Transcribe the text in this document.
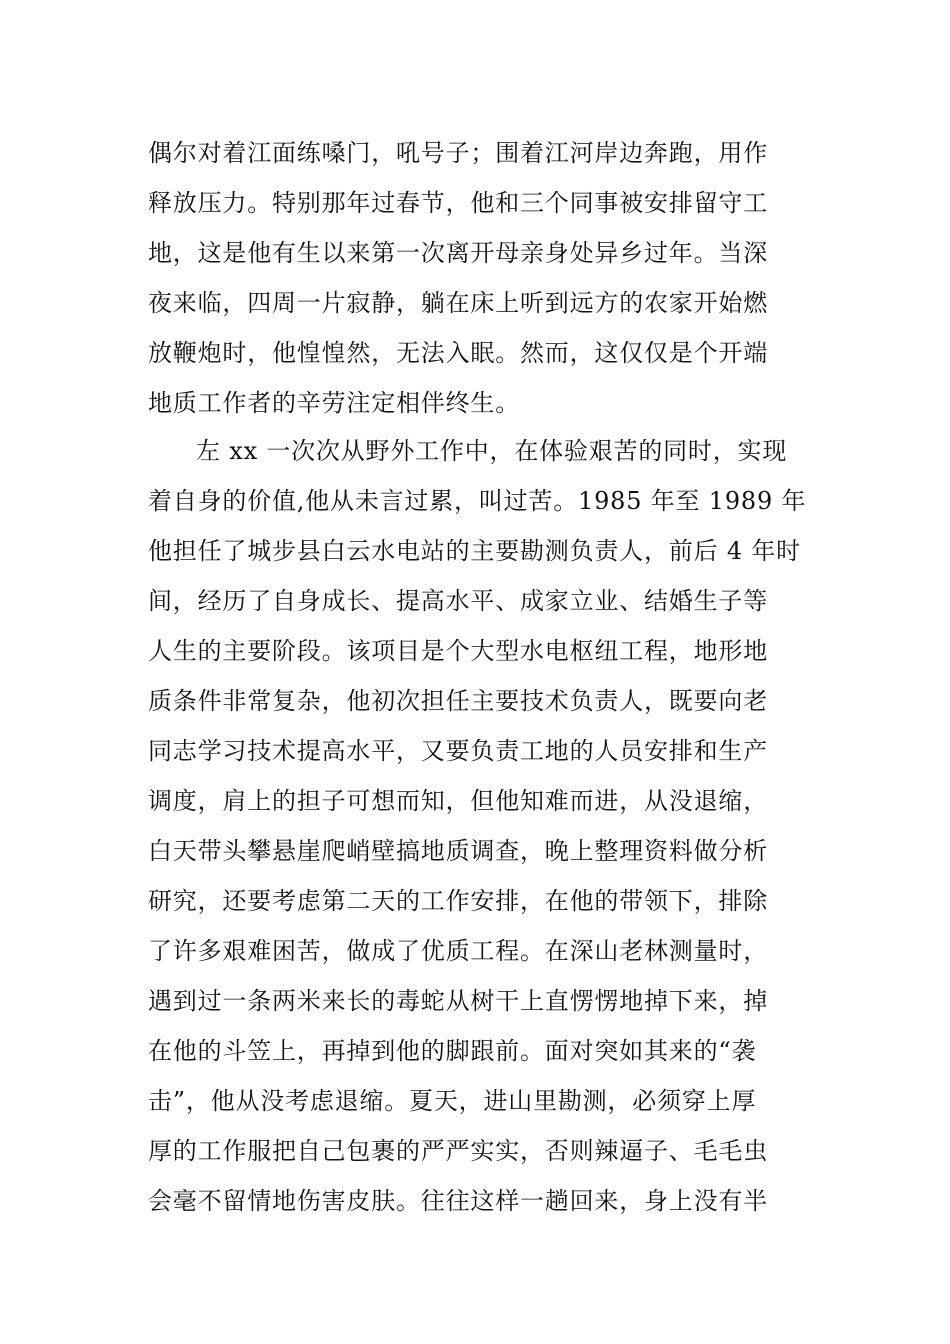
偶尔对着江面练嗓门，吼号子；围着江河岸边奔跑，用作
释放压力。特别那年过春节，他和三个同事被安排留守工
地，这是他有生以来第一次离开母亲身处异乡过年。当深
夜来临，四周一片寂静，躺在床上听到远方的农家开始燃
放鞭炮时，他惶惶然，无法入眠。然而，这仅仅是个开端
地质工作者的辛劳注定相伴终生。
左 xx 一次次从野外工作中，在体验艰苦的同时，实现
着自身的价值,他从未言过累，叫过苦。1985 年至 1989 年
他担任了城步县白云水电站的主要勘测负责人，前后 4 年时
间，经历了自身成长、提高水平、成家立业、结婚生子等
人生的主要阶段。该项目是个大型水电枢纽工程，地形地
质条件非常复杂，他初次担任主要技术负责人，既要向老
同志学习技术提高水平，又要负责工地的人员安排和生产
调度，肩上的担子可想而知，但他知难而进，从没退缩，
白天带头攀悬崖爬峭壁搞地质调查，晚上整理资料做分析
研究，还要考虑第二天的工作安排，在他的带领下，排除
了许多艰难困苦，做成了优质工程。在深山老林测量时，
遇到过一条两米来长的毒蛇从树干上直愣愣地掉下来，掉
在他的斗笠上，再掉到他的脚跟前。面对突如其来的“袭
击”，他从没考虑退缩。夏天，进山里勘测，必须穿上厚
厚的工作服把自己包裹的严严实实，否则辣逼子、毛毛虫
会毫不留情地伤害皮肤。往往这样一趟回来，身上没有半
